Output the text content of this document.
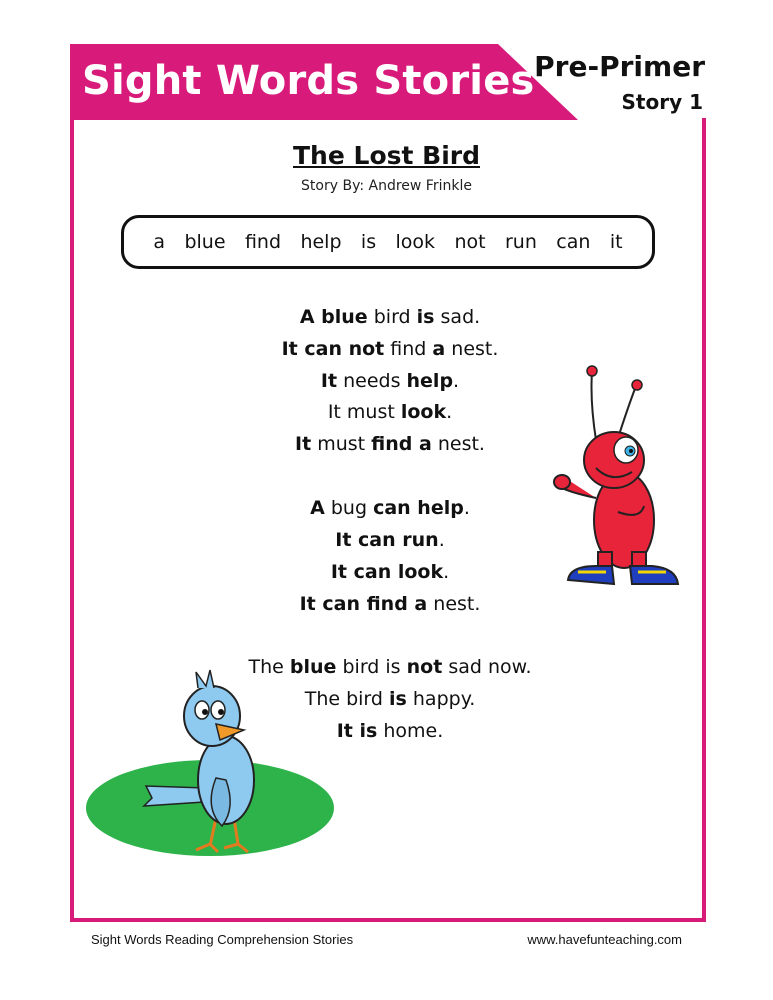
Sight Words Stories Pre-Primer
Story 1
The Lost Bird
Story By: Andrew Frinkle
a blue find help is look not run can it
A blue bird is sad.
It can not find a nest.
It needs help.
It must look.
It must find a nest.
A bug can help.
It can run.
It can look.
It can find a nest.
The blue bird is not sad now.
The bird is happy.
It is home.
Sight Words Reading Comprehension Stories	www.havefunteaching.com
